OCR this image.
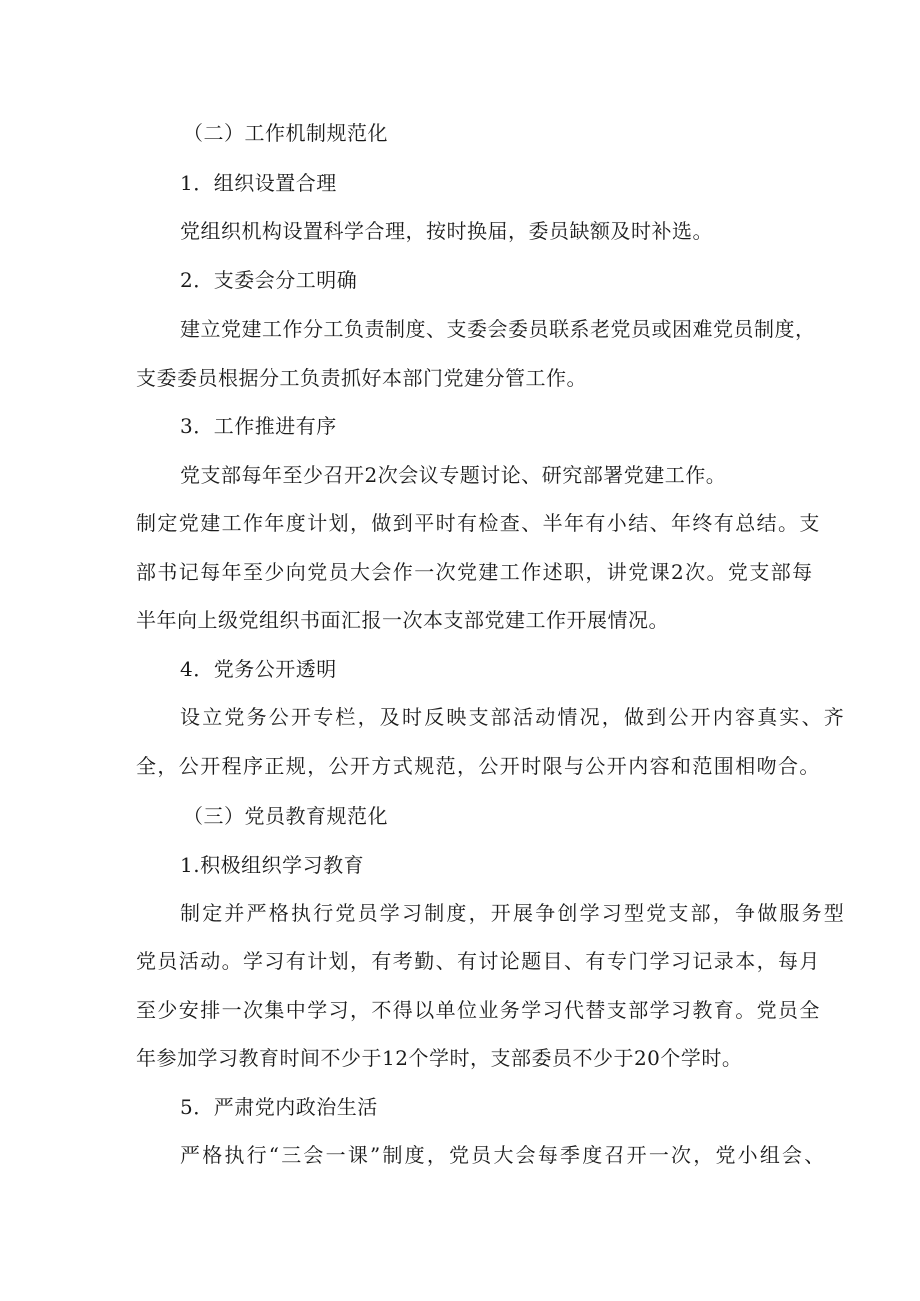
（二）工作机制规范化
1．组织设置合理
党组织机构设置科学合理，按时换届，委员缺额及时补选。
2．支委会分工明确
建立党建工作分工负责制度、支委会委员联系老党员或困难党员制度，
支委委员根据分工负责抓好本部门党建分管工作。
3．工作推进有序
党支部每年至少召开2次会议专题讨论、研究部署党建工作。
制定党建工作年度计划，做到平时有检查、半年有小结、年终有总结。支
部书记每年至少向党员大会作一次党建工作述职，讲党课2次。党支部每
半年向上级党组织书面汇报一次本支部党建工作开展情况。
4．党务公开透明
设立党务公开专栏，及时反映支部活动情况，做到公开内容真实、齐
全，公开程序正规，公开方式规范，公开时限与公开内容和范围相吻合。
（三）党员教育规范化
1.积极组织学习教育
制定并严格执行党员学习制度，开展争创学习型党支部，争做服务型
党员活动。学习有计划，有考勤、有讨论题目、有专门学习记录本，每月
至少安排一次集中学习，不得以单位业务学习代替支部学习教育。党员全
年参加学习教育时间不少于12个学时，支部委员不少于20个学时。
5．严肃党内政治生活
严格执行“三会一课”制度，党员大会每季度召开一次，党小组会、
